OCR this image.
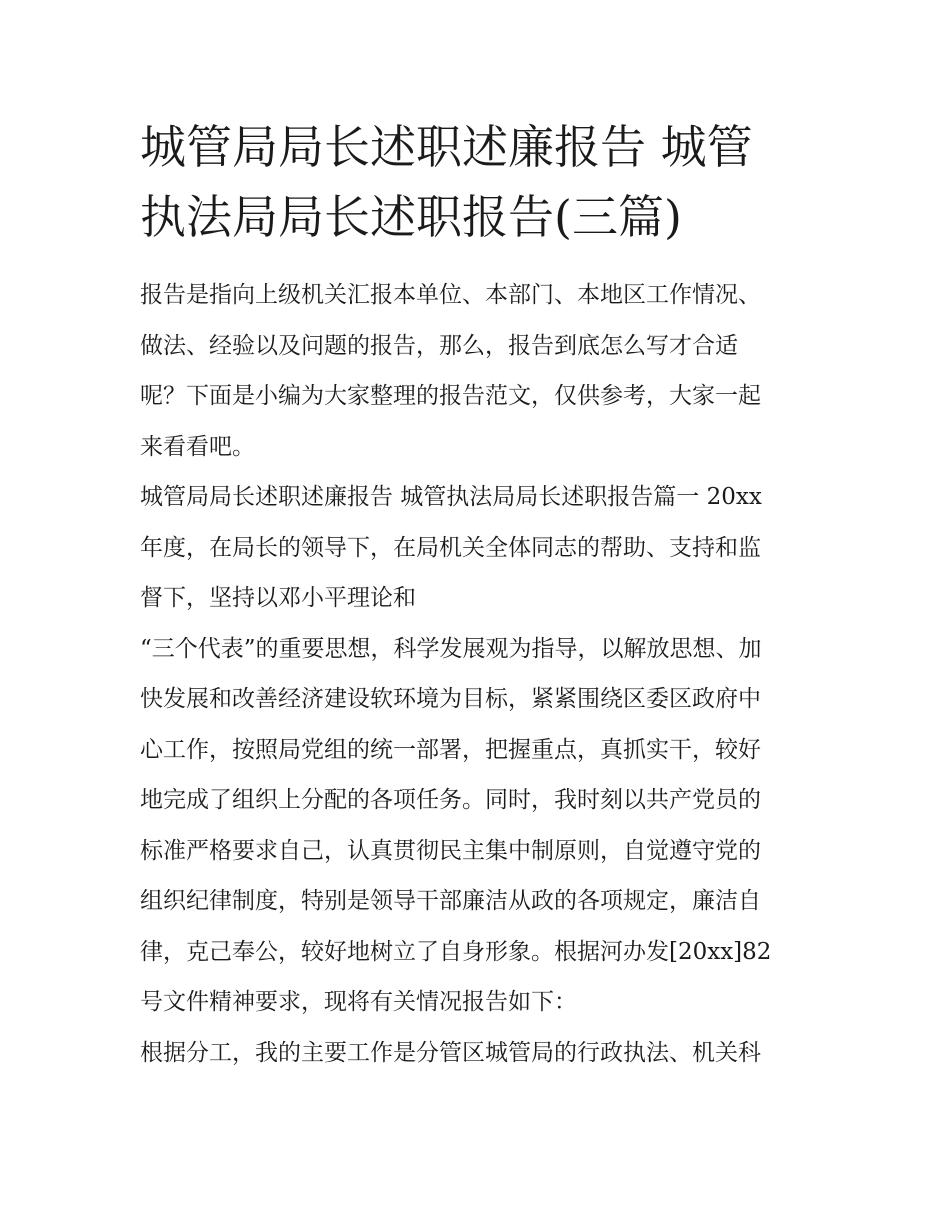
城管局局长述职述廉报告 城管
执法局局长述职报告(三篇)

报告是指向上级机关汇报本单位、本部门、本地区工作情况、
做法、经验以及问题的报告，那么，报告到底怎么写才合适
呢？下面是小编为大家整理的报告范文，仅供参考，大家一起
来看看吧。

城管局局长述职述廉报告 城管执法局局长述职报告篇一 20xx
年度，在局长的领导下，在局机关全体同志的帮助、支持和监
督下，坚持以邓小平理论和

“三个代表”的重要思想，科学发展观为指导，以解放思想、加
快发展和改善经济建设软环境为目标，紧紧围绕区委区政府中
心工作，按照局党组的统一部署，把握重点，真抓实干，较好
地完成了组织上分配的各项任务。同时，我时刻以共产党员的
标准严格要求自己，认真贯彻民主集中制原则，自觉遵守党的
组织纪律制度，特别是领导干部廉洁从政的各项规定，廉洁自
律，克己奉公，较好地树立了自身形象。根据河办发[20xx]82
号文件精神要求，现将有关情况报告如下：

根据分工，我的主要工作是分管区城管局的行政执法、机关科
